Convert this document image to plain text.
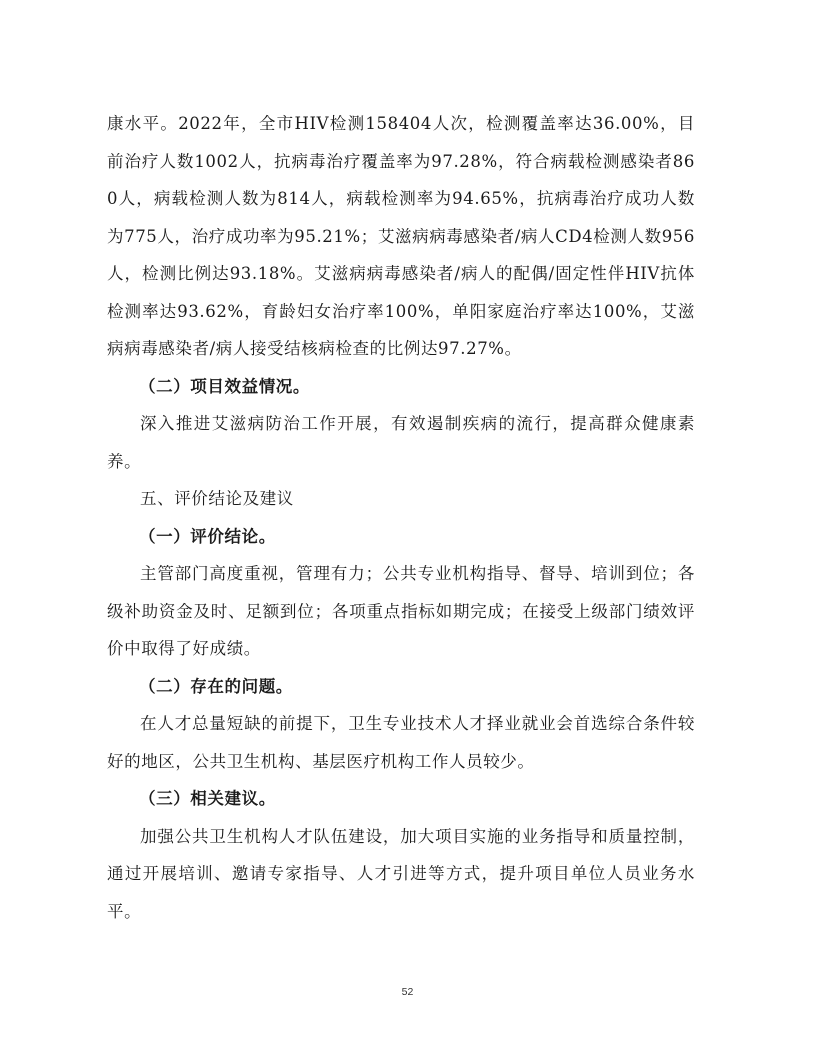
康水平。2022年，全市HIV检测158404人次，检测覆盖率达36.00%，目前治疗人数1002人，抗病毒治疗覆盖率为97.28%，符合病载检测感染者860人，病载检测人数为814人，病载检测率为94.65%，抗病毒治疗成功人数为775人，治疗成功率为95.21%；艾滋病病毒感染者/病人CD4检测人数956人，检测比例达93.18%。艾滋病病毒感染者/病人的配偶/固定性伴HIV抗体检测率达93.62%，育龄妇女治疗率100%，单阳家庭治疗率达100%，艾滋病病毒感染者/病人接受结核病检查的比例达97.27%。

（二）项目效益情况。

深入推进艾滋病防治工作开展，有效遏制疾病的流行，提高群众健康素养。

五、评价结论及建议

（一）评价结论。

主管部门高度重视，管理有力；公共专业机构指导、督导、培训到位；各级补助资金及时、足额到位；各项重点指标如期完成；在接受上级部门绩效评价中取得了好成绩。

（二）存在的问题。

在人才总量短缺的前提下，卫生专业技术人才择业就业会首选综合条件较好的地区，公共卫生机构、基层医疗机构工作人员较少。

（三）相关建议。

加强公共卫生机构人才队伍建设，加大项目实施的业务指导和质量控制，通过开展培训、邀请专家指导、人才引进等方式，提升项目单位人员业务水平。

52
